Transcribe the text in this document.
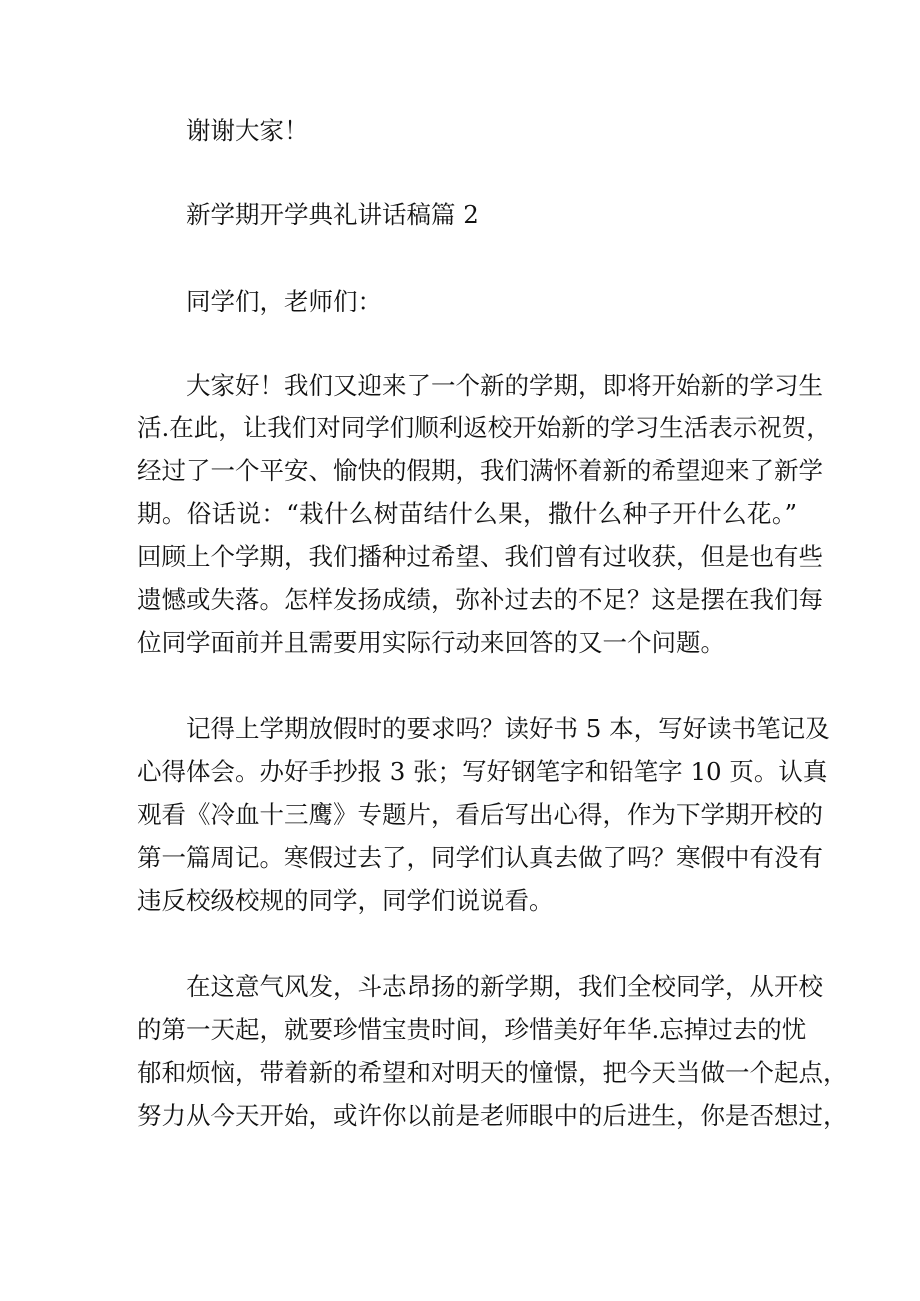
谢谢大家！

新学期开学典礼讲话稿篇 2

同学们，老师们：

大家好！我们又迎来了一个新的学期，即将开始新的学习生

活.在此，让我们对同学们顺利返校开始新的学习生活表示祝贺，

经过了一个平安、愉快的假期，我们满怀着新的希望迎来了新学

期。俗话说：“栽什么树苗结什么果，撒什么种子开什么花。”

回顾上个学期，我们播种过希望、我们曾有过收获，但是也有些

遗憾或失落。怎样发扬成绩，弥补过去的不足？这是摆在我们每

位同学面前并且需要用实际行动来回答的又一个问题。

记得上学期放假时的要求吗？读好书 5 本，写好读书笔记及

心得体会。办好手抄报 3 张；写好钢笔字和铅笔字 10 页。认真

观看《冷血十三鹰》专题片，看后写出心得，作为下学期开校的

第一篇周记。寒假过去了，同学们认真去做了吗？寒假中有没有

违反校级校规的同学，同学们说说看。

在这意气风发，斗志昂扬的新学期，我们全校同学，从开校

的第一天起，就要珍惜宝贵时间，珍惜美好年华.忘掉过去的忧

郁和烦恼，带着新的希望和对明天的憧憬，把今天当做一个起点，

努力从今天开始，或许你以前是老师眼中的后进生，你是否想过，
